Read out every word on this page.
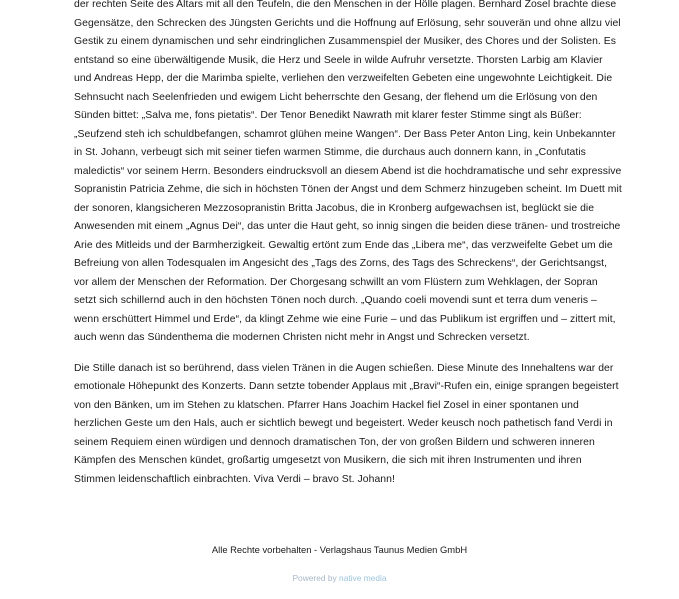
der rechten Seite des Altars mit all den Teufeln, die den Menschen in der Hölle plagen. Bernhard Zosel brachte diese Gegensätze, den Schrecken des Jüngsten Gerichts und die Hoffnung auf Erlösung, sehr souverän und ohne allzu viel Gestik zu einem dynamischen und sehr eindringlichen Zusammenspiel der Musiker, des Chores und der Solisten. Es entstand so eine überwältigende Musik, die Herz und Seele in wilde Aufruhr versetzte. Thorsten Larbig am Klavier und Andreas Hepp, der die Marimba spielte, verliehen den verzweifelten Gebeten eine ungewohnte Leichtigkeit. Die Sehnsucht nach Seelenfrieden und ewigem Licht beherrschte den Gesang, der flehend um die Erlösung von den Sünden bittet: „Salva me, fons pietatis“. Der Tenor Benedikt Nawrath mit klarer fester Stimme singt als Büßer: „Seufzend steh ich schuldbefangen, schamrot glühen meine Wangen“. Der Bass Peter Anton Ling, kein Unbekannter in St. Johann, verbeugt sich mit seiner tiefen warmen Stimme, die durchaus auch donnern kann, in „Confutatis maledictis“ vor seinem Herrn. Besonders eindrucksvoll an diesem Abend ist die hochdramatische und sehr expressive Sopranistin Patricia Zehme, die sich in höchsten Tönen der Angst und dem Schmerz hinzugeben scheint. Im Duett mit der sonoren, klangsicheren Mezzosopranistin Britta Jacobus, die in Kronberg aufgewachsen ist, beglückt sie die Anwesenden mit einem „Agnus Dei“, das unter die Haut geht, so innig singen die beiden diese tränen- und trostreiche Arie des Mitleids und der Barmherzigkeit. Gewaltig ertönt zum Ende das „Libera me“, das verzweifelte Gebet um die Befreiung von allen Todesqualen im Angesicht des „Tags des Zorns, des Tags des Schreckens“, der Gerichtsangst, vor allem der Menschen der Reformation. Der Chorgesang schwillt an vom Flüstern zum Wehklagen, der Sopran setzt sich schillernd auch in den höchsten Tönen noch durch. „Quando coeli movendi sunt et terra dum veneris – wenn erschüttert Himmel und Erde“, da klingt Zehme wie eine Furie – und das Publikum ist ergriffen und – zittert mit, auch wenn das Sündenthema die modernen Christen nicht mehr in Angst und Schrecken versetzt.

Die Stille danach ist so berührend, dass vielen Tränen in die Augen schießen. Diese Minute des Innehaltens war der emotionale Höhepunkt des Konzerts. Dann setzte tobender Applaus mit „Bravi“-Rufen ein, einige sprangen begeistert von den Bänken, um im Stehen zu klatschen. Pfarrer Hans Joachim Hackel fiel Zosel in einer spontanen und herzlichen Geste um den Hals, auch er sichtlich bewegt und begeistert. Weder keusch noch pathetisch fand Verdi in seinem Requiem einen würdigen und dennoch dramatischen Ton, der von großen Bildern und schweren inneren Kämpfen des Menschen kündet, großartig umgesetzt von Musikern, die sich mit ihren Instrumenten und ihren Stimmen leidenschaftlich einbrachten. Viva Verdi – bravo St. Johann!

Alle Rechte vorbehalten - Verlagshaus Taunus Medien GmbH
Powered by native media
